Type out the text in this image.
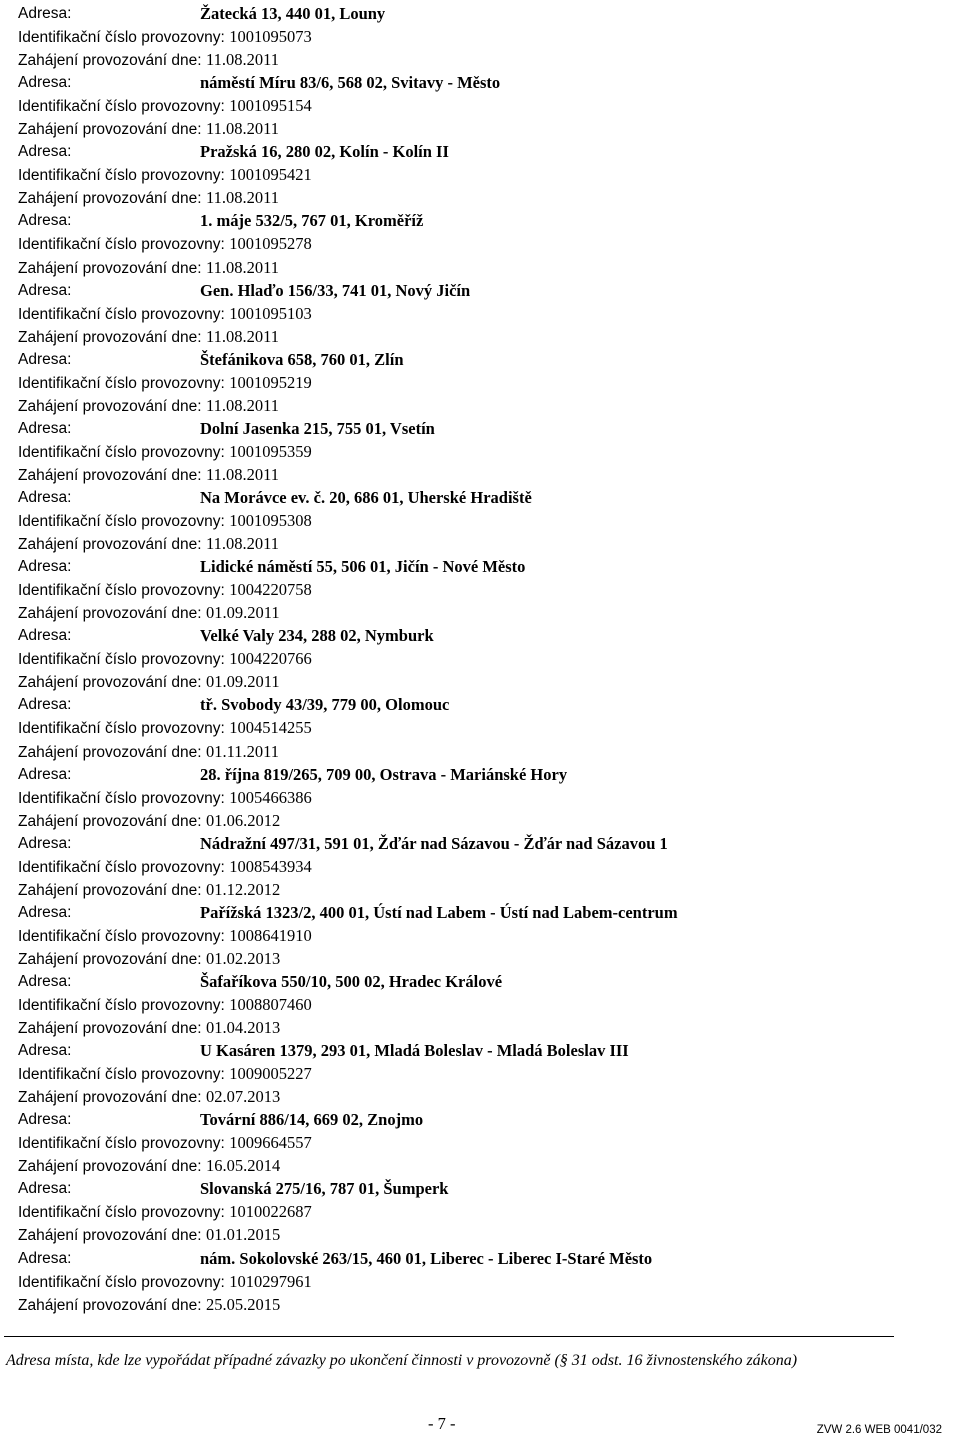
Adresa:	Žatecká 13, 440 01, Louny
Identifikační číslo provozovny: 1001095073
Zahájení provozování dne: 11.08.2011
Adresa:	náměstí Míru 83/6, 568 02, Svitavy - Město
Identifikační číslo provozovny: 1001095154
Zahájení provozování dne: 11.08.2011
Adresa:	Pražská 16, 280 02, Kolín - Kolín II
Identifikační číslo provozovny: 1001095421
Zahájení provozování dne: 11.08.2011
Adresa:	1. máje 532/5, 767 01, Kroměříž
Identifikační číslo provozovny: 1001095278
Zahájení provozování dne: 11.08.2011
Adresa:	Gen. Hlaďo 156/33, 741 01, Nový Jičín
Identifikační číslo provozovny: 1001095103
Zahájení provozování dne: 11.08.2011
Adresa:	Štefánikova 658, 760 01, Zlín
Identifikační číslo provozovny: 1001095219
Zahájení provozování dne: 11.08.2011
Adresa:	Dolní Jasenka 215, 755 01, Vsetín
Identifikační číslo provozovny: 1001095359
Zahájení provozování dne: 11.08.2011
Adresa:	Na Morávce ev. č. 20, 686 01, Uherské Hradiště
Identifikační číslo provozovny: 1001095308
Zahájení provozování dne: 11.08.2011
Adresa:	Lidické náměstí 55, 506 01, Jičín - Nové Město
Identifikační číslo provozovny: 1004220758
Zahájení provozování dne: 01.09.2011
Adresa:	Velké Valy 234, 288 02, Nymburk
Identifikační číslo provozovny: 1004220766
Zahájení provozování dne: 01.09.2011
Adresa:	tř. Svobody 43/39, 779 00, Olomouc
Identifikační číslo provozovny: 1004514255
Zahájení provozování dne: 01.11.2011
Adresa:	28. října 819/265, 709 00, Ostrava - Mariánské Hory
Identifikační číslo provozovny: 1005466386
Zahájení provozování dne: 01.06.2012
Adresa:	Nádražní 497/31, 591 01, Žďár nad Sázavou - Žďár nad Sázavou 1
Identifikační číslo provozovny: 1008543934
Zahájení provozování dne: 01.12.2012
Adresa:	Pařížská 1323/2, 400 01, Ústí nad Labem - Ústí nad Labem-centrum
Identifikační číslo provozovny: 1008641910
Zahájení provozování dne: 01.02.2013
Adresa:	Šafaříkova 550/10, 500 02, Hradec Králové
Identifikační číslo provozovny: 1008807460
Zahájení provozování dne: 01.04.2013
Adresa:	U Kasáren 1379, 293 01, Mladá Boleslav - Mladá Boleslav III
Identifikační číslo provozovny: 1009005227
Zahájení provozování dne: 02.07.2013
Adresa:	Tovární 886/14, 669 02, Znojmo
Identifikační číslo provozovny: 1009664557
Zahájení provozování dne: 16.05.2014
Adresa:	Slovanská 275/16, 787 01, Šumperk
Identifikační číslo provozovny: 1010022687
Zahájení provozování dne: 01.01.2015
Adresa:	nám. Sokolovské 263/15, 460 01, Liberec - Liberec I-Staré Město
Identifikační číslo provozovny: 1010297961
Zahájení provozování dne: 25.05.2015
Adresa místa, kde lze vypořádat případné závazky po ukončení činnosti v provozovně (§ 31 odst. 16 živnostenského zákona)
- 7 -	ZVW 2.6 WEB 0041/032
